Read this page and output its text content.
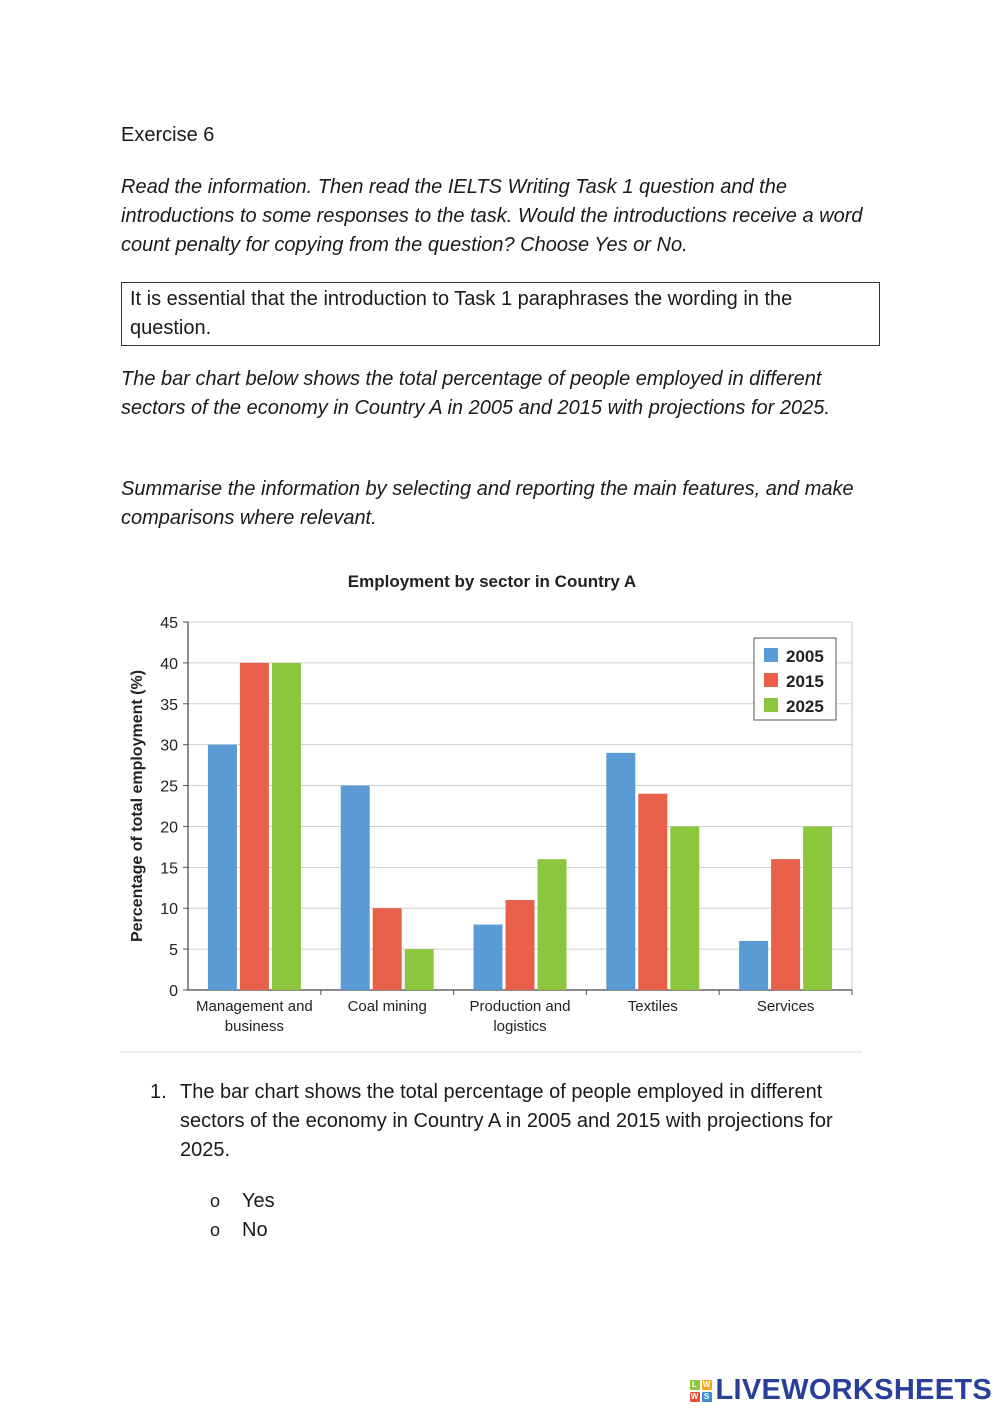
Exercise 6
Read the information. Then read the IELTS Writing Task 1 question and the introductions to some responses to the task. Would the introductions receive a word count penalty for copying from the question? Choose Yes or No.
It is essential that the introduction to Task 1 paraphrases the wording in the question.
The bar chart below shows the total percentage of people employed in different sectors of the economy in Country A in 2005 and 2015 with projections for 2025.
Summarise the information by selecting and reporting the main features, and make comparisons where relevant.
Employment by sector in Country A
0
5
10
15
20
25
30
35
40
45
Percentage of total employment (%)
Management and
business
Coal mining	Production and
logistics
Textiles	Services
2005
2015
2025
1. The bar chart shows the total percentage of people employed in different sectors of the economy in Country A in 2005 and 2015 with projections for 2025.
o	Yes
o	No
L W
W S LIVEWORKSHEETS
